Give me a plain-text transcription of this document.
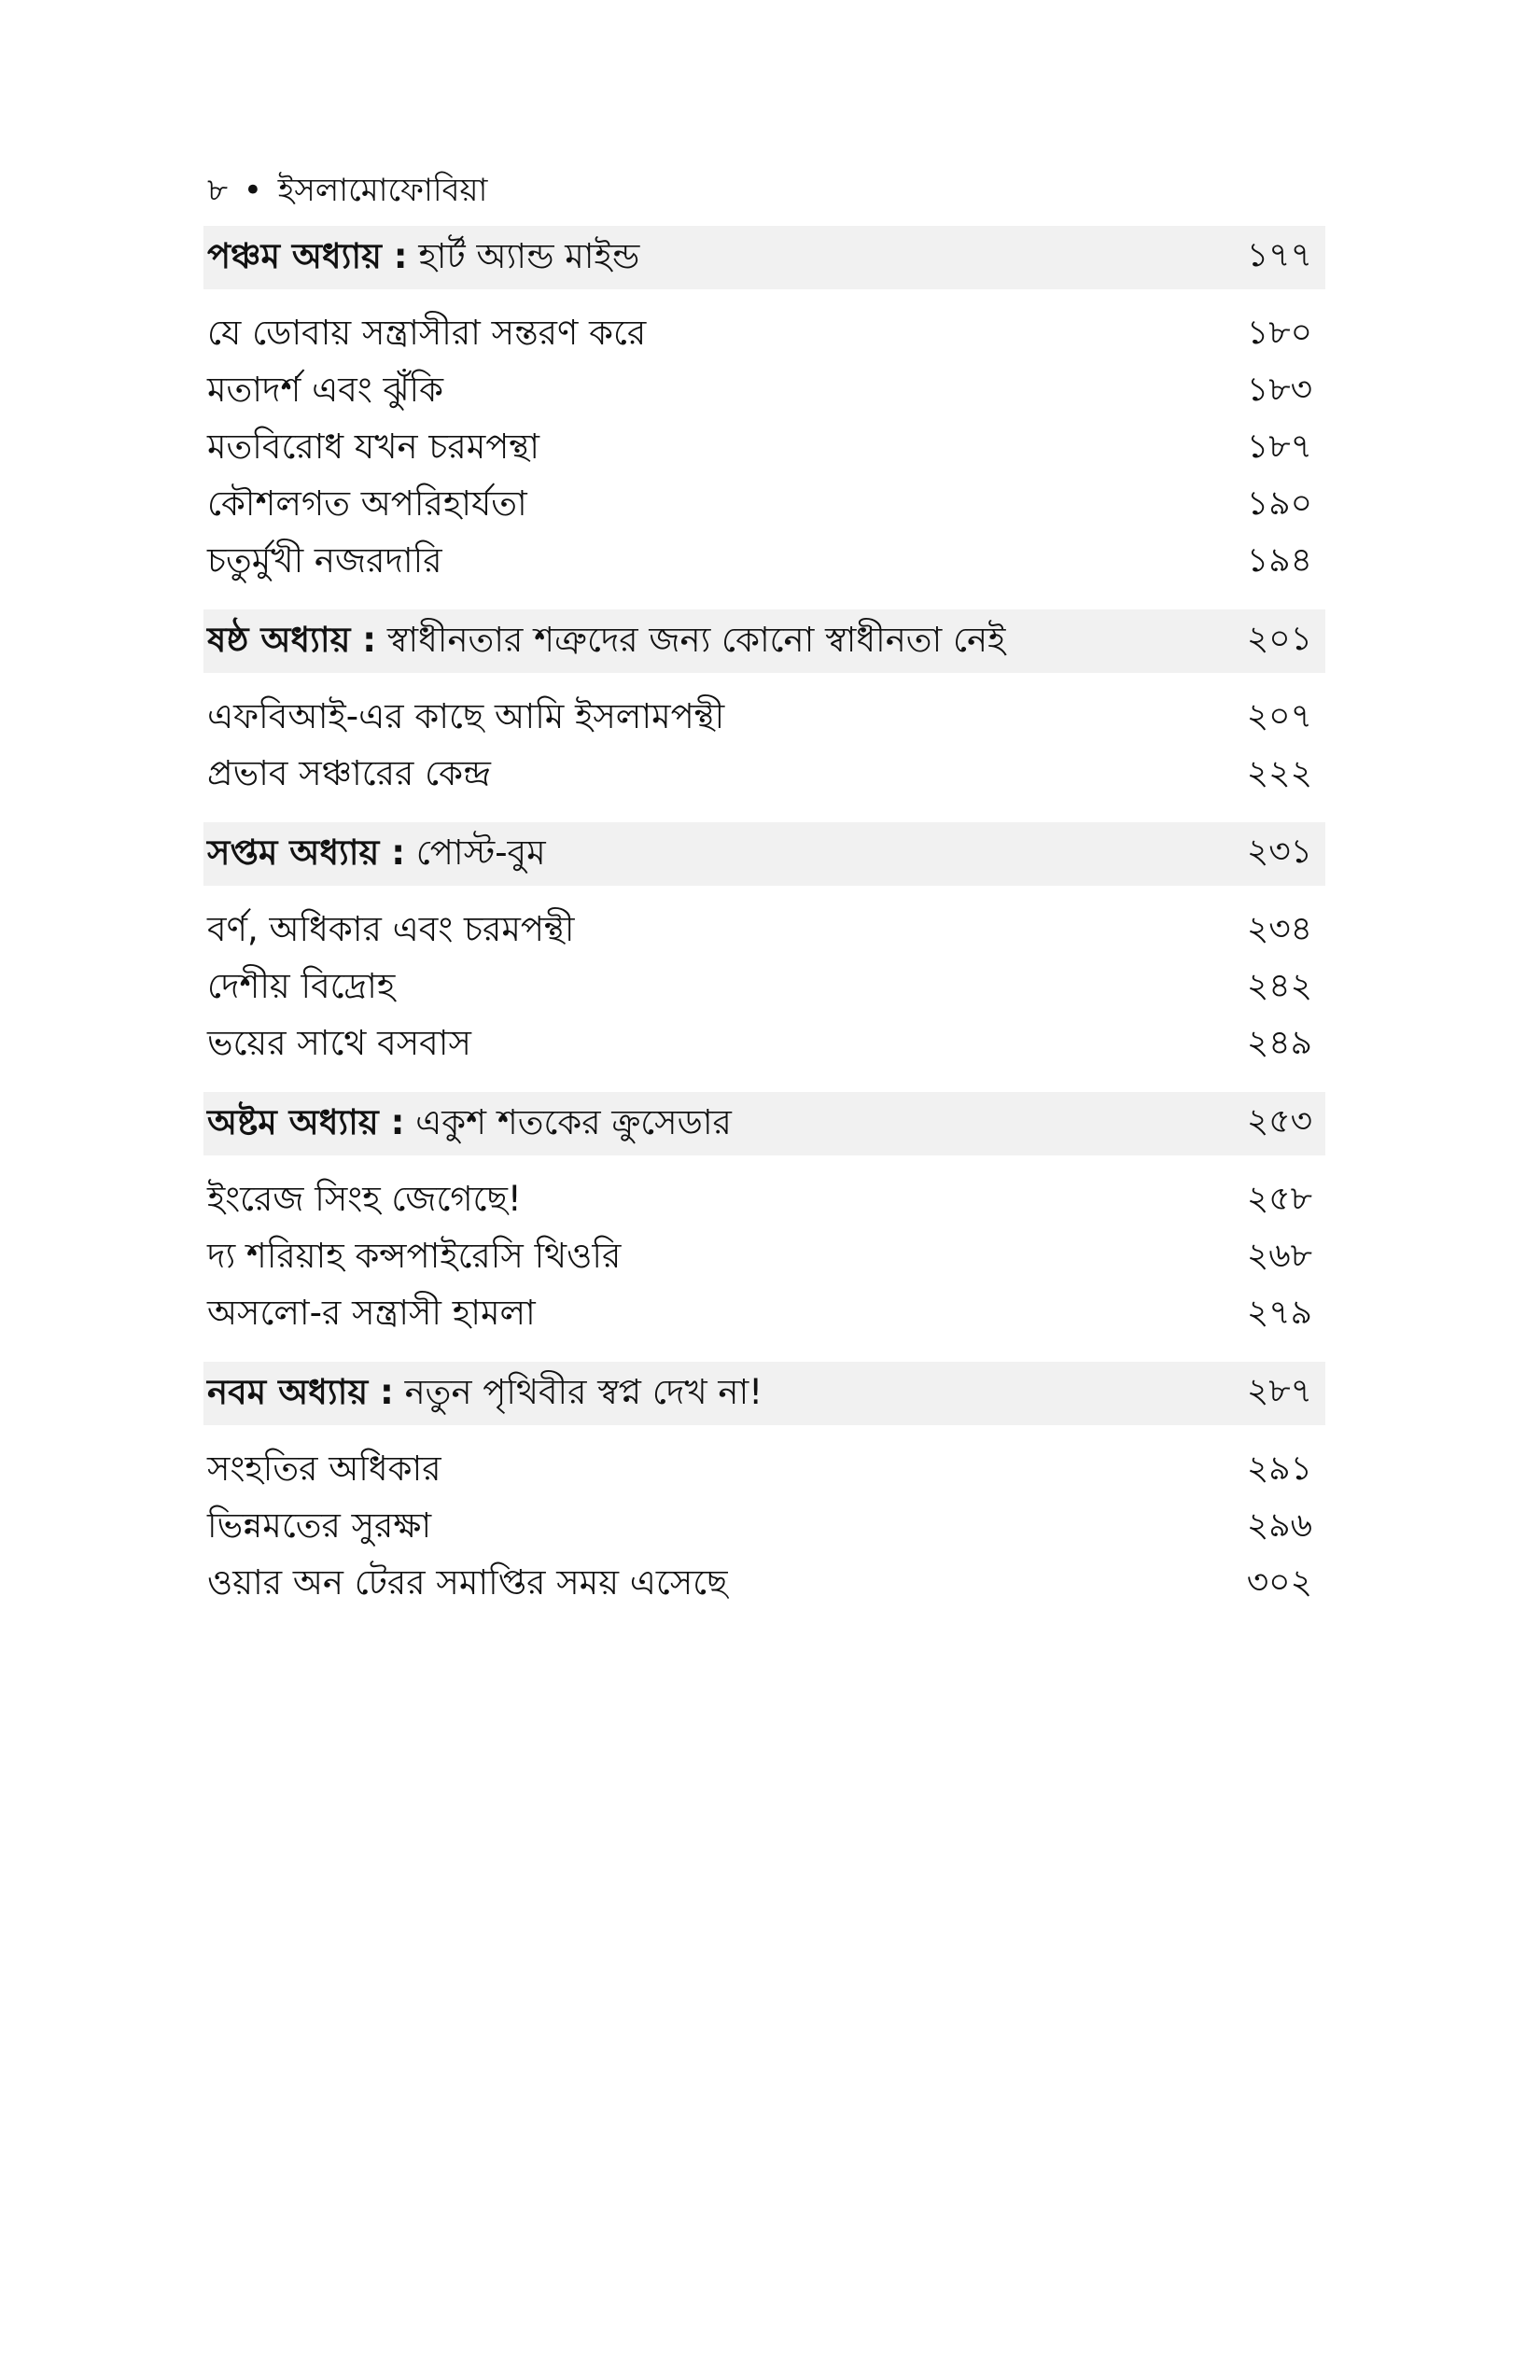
৮ • ইসলামোফোবিয়া
পঞ্চম অধ্যায় : হার্ট অ্যান্ড মাইন্ড	১৭৭
যে ডোবায় সন্ত্রাসীরা সন্তরণ করে	১৮০
মতাদর্শ এবং ঝুঁকি	১৮৩
মতবিরোধ যখন চরমপন্থা	১৮৭
কৌশলগত অপরিহার্যতা	১৯০
চতুর্মুখী নজরদারি	১৯৪
ষষ্ঠ অধ্যায় : স্বাধীনতার শত্রুদের জন্য কোনো স্বাধীনতা নেই	২০১
এফবিআই-এর কাছে আমি ইসলামপন্থী	২০৭
প্রভাব সঞ্চারের কেন্দ্র	২২২
সপ্তম অধ্যায় : পোস্ট-বুম	২৩১
বর্ণ, অধিকার এবং চরমপন্থী	২৩৪
দেশীয় বিদ্রোহ	২৪২
ভয়ের সাথে বসবাস	২৪৯
অষ্টম অধ্যায় : একুশ শতকের ক্রুসেডার	২৫৩
ইংরেজ সিংহ জেগেছে!	২৫৮
দ্য শরিয়াহ কন্সপাইরেসি থিওরি	২৬৮
অসলো-র সন্ত্রাসী হামলা	২৭৯
নবম অধ্যায় : নতুন পৃথিবীর স্বপ্ন দেখ না!	২৮৭
সংহতির অধিকার	২৯১
ভিন্নমতের সুরক্ষা	২৯৬
ওয়ার অন টেরর সমাপ্তির সময় এসেছে	৩০২
